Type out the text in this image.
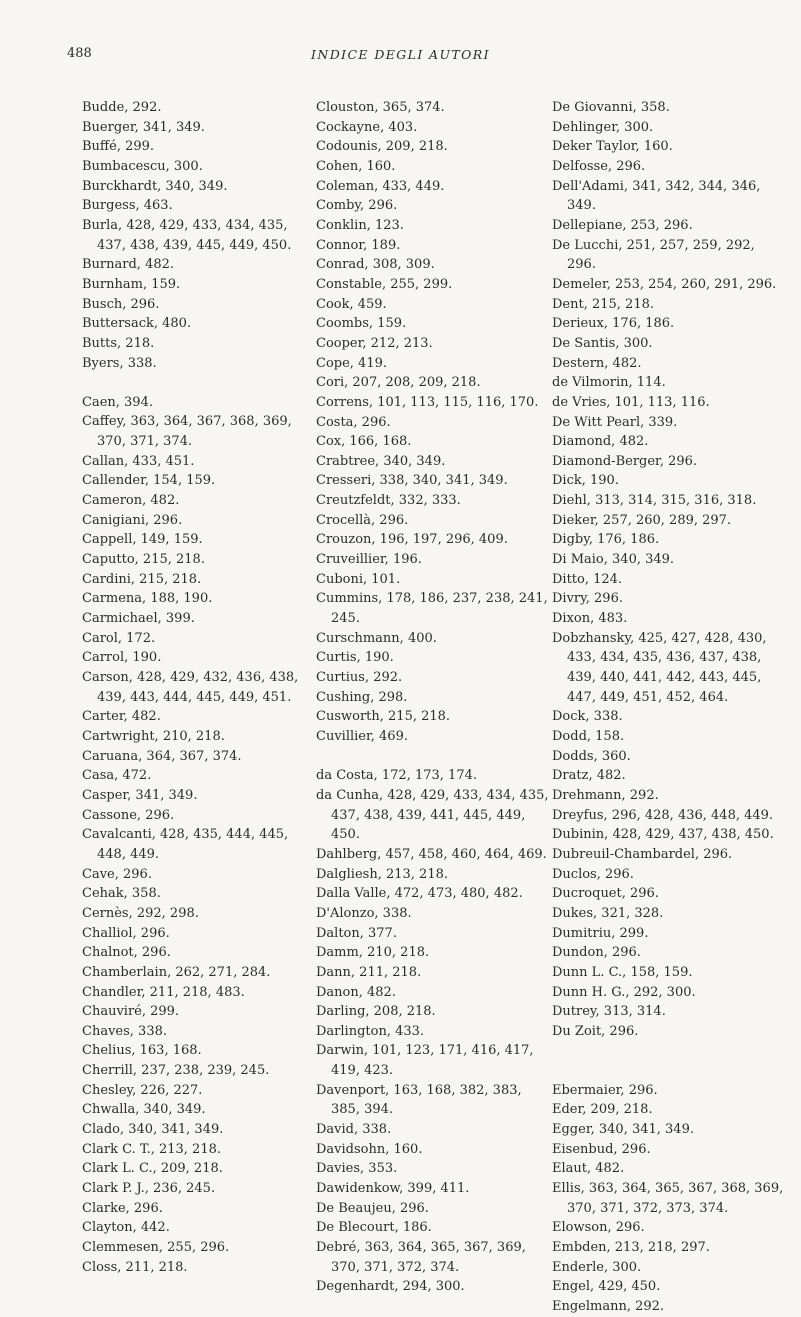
488	INDICE DEGLI AUTORI
Budde, 292.
Buerger, 341, 349.
Buffé, 299.
Bumbacescu, 300.
Burckhardt, 340, 349.
Burgess, 463.
Burla, 428, 429, 433, 434, 435, 437, 438, 439, 445, 449, 450.
Burnard, 482.
Burnham, 159.
Busch, 296.
Buttersack, 480.
Butts, 218.
Byers, 338.
Caen, 394.
Caffey, 363, 364, 367, 368, 369, 370, 371, 374.
Callan, 433, 451.
Callender, 154, 159.
Cameron, 482.
Canigiani, 296.
Cappell, 149, 159.
Caputto, 215, 218.
Cardini, 215, 218.
Carmena, 188, 190.
Carmichael, 399.
Carol, 172.
Carrol, 190.
Carson, 428, 429, 432, 436, 438, 439, 443, 444, 445, 449, 451.
Carter, 482.
Cartwright, 210, 218.
Caruana, 364, 367, 374.
Casa, 472.
Casper, 341, 349.
Cassone, 296.
Cavalcanti, 428, 435, 444, 445, 448, 449.
Cave, 296.
Cehak, 358.
Cernès, 292, 298.
Challiol, 296.
Chalnot, 296.
Chamberlain, 262, 271, 284.
Chandler, 211, 218, 483.
Chauviré, 299.
Chaves, 338.
Chelius, 163, 168.
Cherrill, 237, 238, 239, 245.
Chesley, 226, 227.
Chwalla, 340, 349.
Clado, 340, 341, 349.
Clark C. T., 213, 218.
Clark L. C., 209, 218.
Clark P. J., 236, 245.
Clarke, 296.
Clayton, 442.
Clemmesen, 255, 296.
Closs, 211, 218.
Clouston, 365, 374.
Cockayne, 403.
Codounis, 209, 218.
Cohen, 160.
Coleman, 433, 449.
Comby, 296.
Conklin, 123.
Connor, 189.
Conrad, 308, 309.
Constable, 255, 299.
Cook, 459.
Coombs, 159.
Cooper, 212, 213.
Cope, 419.
Cori, 207, 208, 209, 218.
Correns, 101, 113, 115, 116, 170.
Costa, 296.
Cox, 166, 168.
Crabtree, 340, 349.
Cresseri, 338, 340, 341, 349.
Creutzfeldt, 332, 333.
Crocellà, 296.
Crouzon, 196, 197, 296, 409.
Cruveillier, 196.
Cuboni, 101.
Cummins, 178, 186, 237, 238, 241, 245.
Curschmann, 400.
Curtis, 190.
Curtius, 292.
Cushing, 298.
Cusworth, 215, 218.
Cuvillier, 469.
da Costa, 172, 173, 174.
da Cunha, 428, 429, 433, 434, 435, 437, 438, 439, 441, 445, 449, 450.
Dahlberg, 457, 458, 460, 464, 469.
Dalgliesh, 213, 218.
Dalla Valle, 472, 473, 480, 482.
D'Alonzo, 338.
Dalton, 377.
Damm, 210, 218.
Dann, 211, 218.
Danon, 482.
Darling, 208, 218.
Darlington, 433.
Darwin, 101, 123, 171, 416, 417, 419, 423.
Davenport, 163, 168, 382, 383, 385, 394.
David, 338.
Davidsohn, 160.
Davies, 353.
Dawidenkow, 399, 411.
De Beaujeu, 296.
De Blecourt, 186.
Debré, 363, 364, 365, 367, 369, 370, 371, 372, 374.
Degenhardt, 294, 300.
De Giovanni, 358.
Dehlinger, 300.
Deker Taylor, 160.
Delfosse, 296.
Dell'Adami, 341, 342, 344, 346, 349.
Dellepiane, 253, 296.
De Lucchi, 251, 257, 259, 292, 296.
Demeler, 253, 254, 260, 291, 296.
Dent, 215, 218.
Derieux, 176, 186.
De Santis, 300.
Destern, 482.
de Vilmorin, 114.
de Vries, 101, 113, 116.
De Witt Pearl, 339.
Diamond, 482.
Diamond-Berger, 296.
Dick, 190.
Diehl, 313, 314, 315, 316, 318.
Dieker, 257, 260, 289, 297.
Digby, 176, 186.
Di Maio, 340, 349.
Ditto, 124.
Divry, 296.
Dixon, 483.
Dobzhansky, 425, 427, 428, 430, 433, 434, 435, 436, 437, 438, 439, 440, 441, 442, 443, 445, 447, 449, 451, 452, 464.
Dock, 338.
Dodd, 158.
Dodds, 360.
Dratz, 482.
Drehmann, 292.
Dreyfus, 296, 428, 436, 448, 449.
Dubinin, 428, 429, 437, 438, 450.
Dubreuil-Chambardel, 296.
Duclos, 296.
Ducroquet, 296.
Dukes, 321, 328.
Dumitriu, 299.
Dundon, 296.
Dunn L. C., 158, 159.
Dunn H. G., 292, 300.
Dutrey, 313, 314.
Du Zoit, 296.
Ebermaier, 296.
Eder, 209, 218.
Egger, 340, 341, 349.
Eisenbud, 296.
Elaut, 482.
Ellis, 363, 364, 365, 367, 368, 369, 370, 371, 372, 373, 374.
Elowson, 296.
Embden, 213, 218, 297.
Enderle, 300.
Engel, 429, 450.
Engelmann, 292.
